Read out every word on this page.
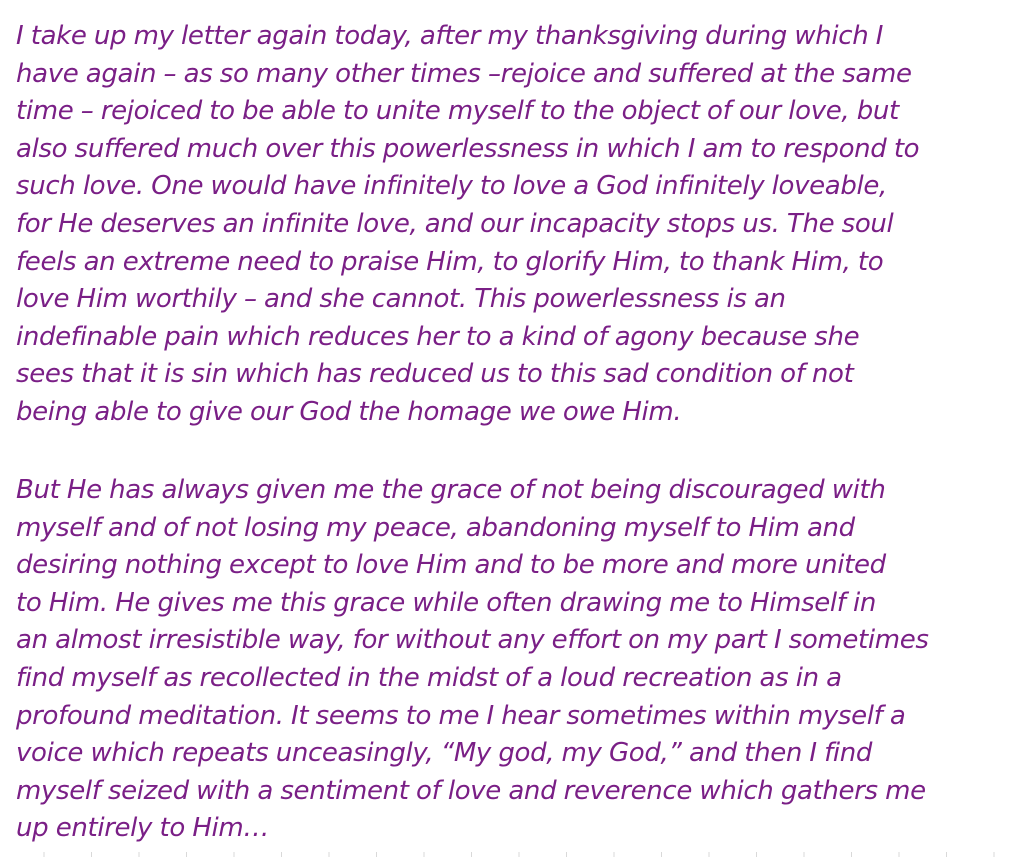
I take up my letter again today, after my thanksgiving during which I
have again – as so many other times –rejoice and suffered at the same
time – rejoiced to be able to unite myself to the object of our love, but
also suffered much over this powerlessness in which I am to respond to
such love. One would have infinitely to love a God infinitely loveable,
for He deserves an infinite love, and our incapacity stops us. The soul
feels an extreme need to praise Him, to glorify Him, to thank Him, to
love Him worthily – and she cannot. This powerlessness is an
indefinable pain which reduces her to a kind of agony because she
sees that it is sin which has reduced us to this sad condition of not
being able to give our God the homage we owe Him.

But He has always given me the grace of not being discouraged with
myself and of not losing my peace, abandoning myself to Him and
desiring nothing except to love Him and to be more and more united
to Him. He gives me this grace while often drawing me to Himself in
an almost irresistible way, for without any effort on my part I sometimes
find myself as recollected in the midst of a loud recreation as in a
profound meditation. It seems to me I hear sometimes within myself a
voice which repeats unceasingly, “My god, my God,” and then I find
myself seized with a sentiment of love and reverence which gathers me
up entirely to Him…
